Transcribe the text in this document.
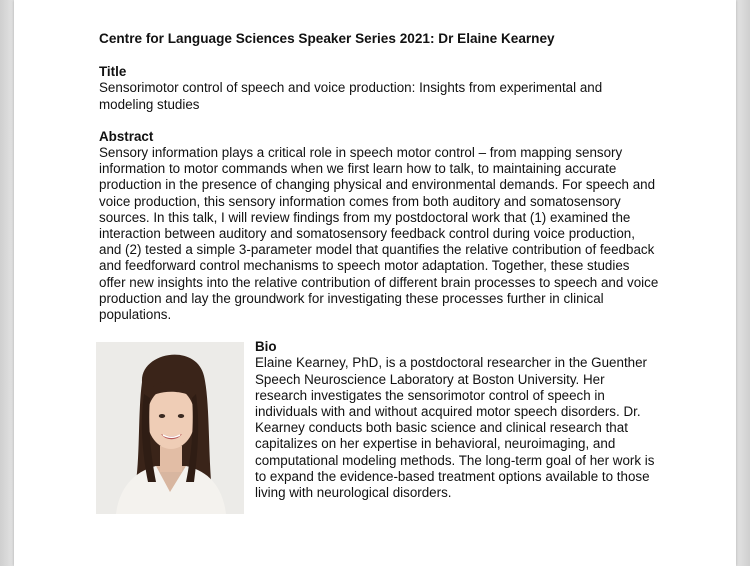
Centre for Language Sciences Speaker Series 2021: Dr Elaine Kearney
Title
Sensorimotor control of speech and voice production: Insights from experimental and modeling studies
Abstract
Sensory information plays a critical role in speech motor control – from mapping sensory information to motor commands when we first learn how to talk, to maintaining accurate production in the presence of changing physical and environmental demands. For speech and voice production, this sensory information comes from both auditory and somatosensory sources. In this talk, I will review findings from my postdoctoral work that (1) examined the interaction between auditory and somatosensory feedback control during voice production, and (2) tested a simple 3-parameter model that quantifies the relative contribution of feedback and feedforward control mechanisms to speech motor adaptation. Together, these studies offer new insights into the relative contribution of different brain processes to speech and voice production and lay the groundwork for investigating these processes further in clinical populations.
Bio
Elaine Kearney, PhD, is a postdoctoral researcher in the Guenther Speech Neuroscience Laboratory at Boston University. Her research investigates the sensorimotor control of speech in individuals with and without acquired motor speech disorders. Dr. Kearney conducts both basic science and clinical research that capitalizes on her expertise in behavioral, neuroimaging, and computational modeling methods. The long-term goal of her work is to expand the evidence-based treatment options available to those living with neurological disorders.
